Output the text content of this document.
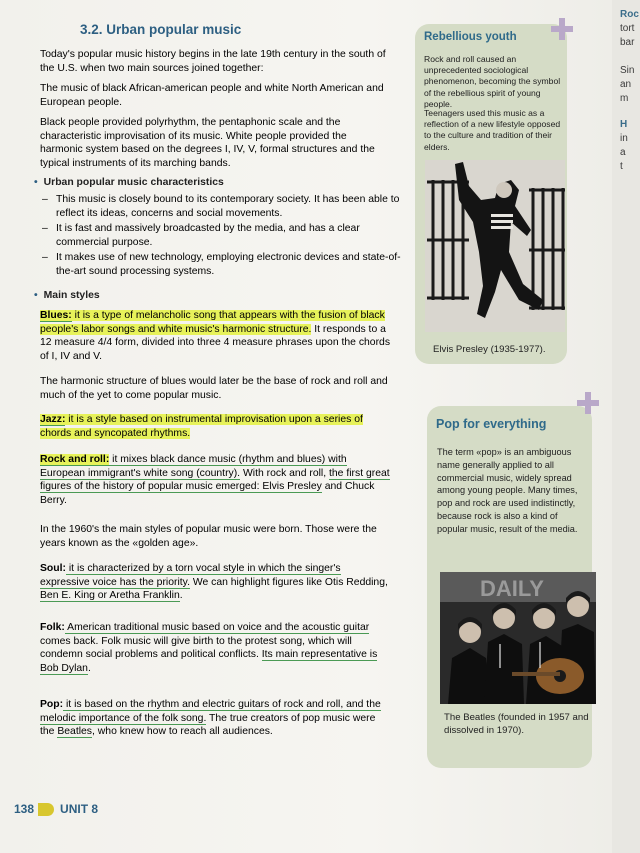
3.2. Urban popular music

Today's popular music history begins in the late 19th century in the south of the U.S. when two main sources joined together:

The music of black African-american people and white North American and European people.

Black people provided polyrhythm, the pentaphonic scale and the characteristic improvisation of its music. White people provided the harmonic system based on the degrees I, IV, V, formal structures and the typical instruments of its marching bands.

• Urban popular music characteristics
– This music is closely bound to its contemporary society. It has been able to reflect its ideas, concerns and social movements.
– It is fast and massively broadcasted by the media, and has a clear commercial purpose.
– It makes use of new technology, employing electronic devices and state-of-the-art sound processing systems.
• Main styles

Blues: it is a type of melancholic song that appears with the fusion of black people's labor songs and white music's harmonic structure. It responds to a 12 measure 4/4 form, divided into three 4 measure phrases upon the chords of I, IV and V.

The harmonic structure of blues would later be the base of rock and roll and much of the yet to come popular music.

Jazz: it is a style based on instrumental improvisation upon a series of chords and syncopated rhythms.

Rock and roll: it mixes black dance music (rhythm and blues) with European immigrant's white song (country). With rock and roll, the first great figures of the history of popular music emerged: Elvis Presley and Chuck Berry.

In the 1960's the main styles of popular music were born. Those were the years known as the «golden age».

Soul: it is characterized by a torn vocal style in which the singer's expressive voice has the priority. We can highlight figures like Otis Redding, Ben E. King or Aretha Franklin.

Folk: American traditional music based on voice and the acoustic guitar comes back. Folk music will give birth to the protest song, which will condemn social problems and political conflicts. Its main representative is Bob Dylan.

Pop: it is based on the rhythm and electric guitars of rock and roll, and the melodic importance of the folk song. The true creators of pop music were the Beatles, who knew how to reach all audiences.

Rebellious youth
Rock and roll caused an unprecedented sociological phenomenon, becoming the symbol of the rebellious spirit of young people.
Teenagers used this music as a reflection of a new lifestyle opposed to the culture and tradition of their elders.
Elvis Presley (1935-1977).
Pop for everything
The term «pop» is an ambiguous name generally applied to all commercial music, widely spread among young people. Many times, pop and rock are used indistinctly, because rock is also a kind of popular music, result of the media.
DAILY
The Beatles (founded in 1957 and dissolved in 1970).
138 UNIT 8
Roc
tort
bar
Sin
an
m
H
in
a
t
